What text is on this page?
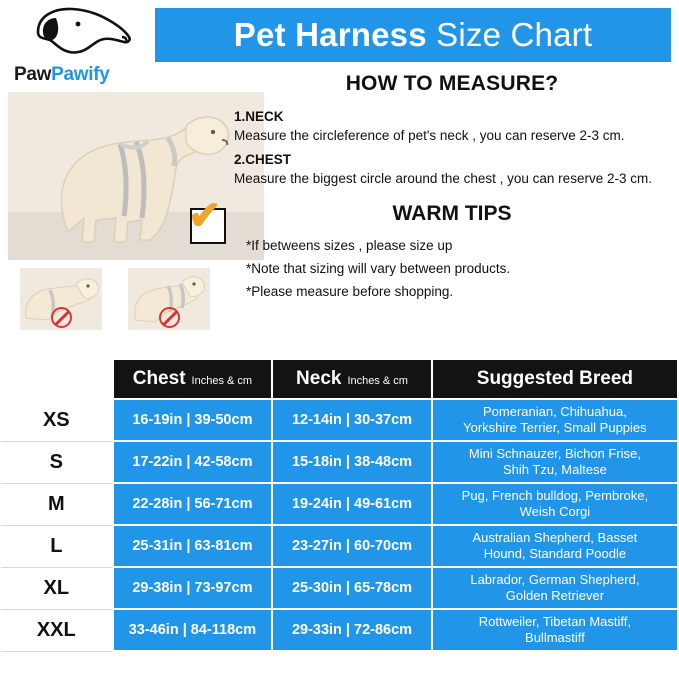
Pet Harness Size Chart
PawPawify
✔
HOW TO MEASURE?
1.NECK
Measure the circleference of pet's neck , you can reserve 2-3 cm.
2.CHEST
Measure the biggest circle around the chest , you can reserve 2-3 cm.
WARM TIPS
*If betweens sizes , please size up
*Note that sizing will vary between products.
*Please measure before shopping.

	Chest Inches & cm	Neck Inches & cm	Suggested Breed

XS	16-19in | 39-50cm	12-14in | 30-37cm	Pomeranian, Chihuahua,
Yorkshire Terrier, Small Puppies
S	17-22in | 42-58cm	15-18in | 38-48cm	Mini Schnauzer, Bichon Frise,
Shih Tzu, Maltese
M	22-28in | 56-71cm	19-24in | 49-61cm	Pug, French bulldog, Pembroke,
Weish Corgi
L	25-31in | 63-81cm	23-27in | 60-70cm	Australian Shepherd, Basset
Hound, Standard Poodle
XL	29-38in | 73-97cm	25-30in | 65-78cm	Labrador, German Shepherd,
Golden Retriever
XXL	33-46in | 84-118cm	29-33in | 72-86cm	Rottweiler, Tibetan Mastiff,
Bullmastiff
